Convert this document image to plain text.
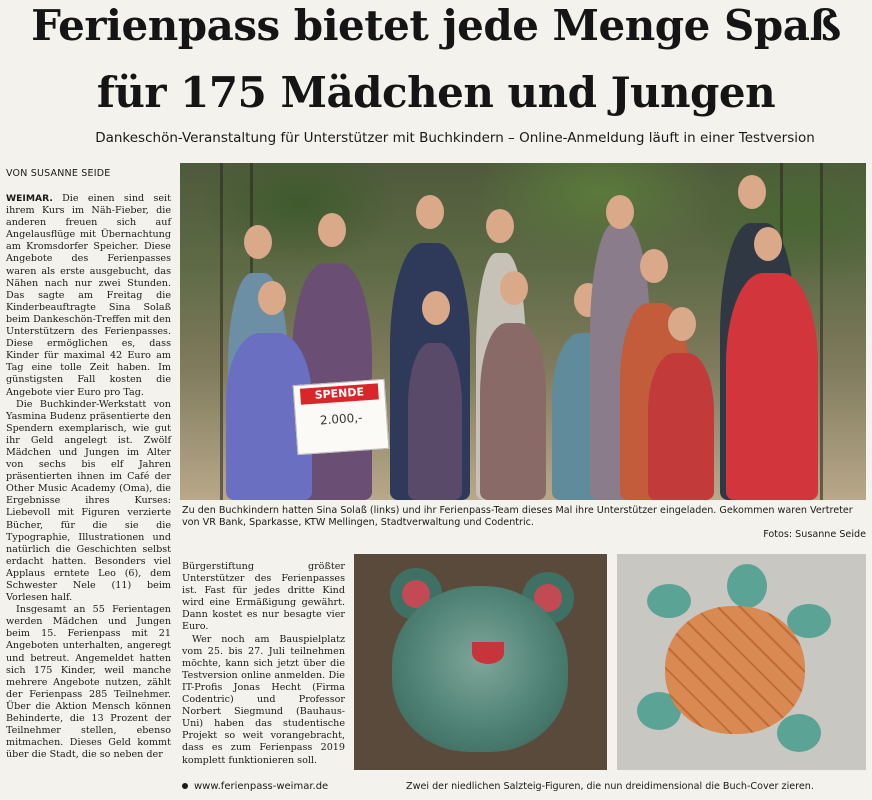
Ferienpass bietet jede Menge Spaß
für 175 Mädchen und Jungen
Dankeschön-Veranstaltung für Unterstützer mit Buchkindern – Online-Anmeldung läuft in einer Testversion
VON SUSANNE SEIDE

WEIMAR. Die einen sind seit ihrem Kurs im Näh-Fieber, die anderen freuen sich auf Angelausflüge mit Übernachtung am Kromsdorfer Speicher. Diese Angebote des Ferienpasses waren als erste ausgebucht, das Nähen nach nur zwei Stunden. Das sagte am Freitag die Kinderbeauftragte Sina Solaß beim Dankeschön-Treffen mit den Unterstützern des Ferienpasses. Diese ermöglichen es, dass Kinder für maximal 42 Euro am Tag eine tolle Zeit haben. Im günstigsten Fall kosten die Angebote vier Euro pro Tag.

Die Buchkinder-Werkstatt von Yasmina Budenz präsentierte den Spendern exemplarisch, wie gut ihr Geld angelegt ist. Zwölf Mädchen und Jungen im Alter von sechs bis elf Jahren präsentierten ihnen im Café der Other Music Academy (Oma), die Ergebnisse ihres Kurses: Liebevoll mit Figuren verzierte Bücher, für die sie die Typographie, Illustrationen und natürlich die Geschichten selbst erdacht hatten. Besonders viel Applaus erntete Leo (6), dem Schwester Nele (11) beim Vorlesen half.

Insgesamt an 55 Ferientagen werden Mädchen und Jungen beim 15. Ferienpass mit 21 Angeboten unterhalten, angeregt und betreut. Angemeldet hatten sich 175 Kinder, weil manche mehrere Angebote nutzen, zählt der Ferienpass 285 Teilnehmer. Über die Aktion Mensch können Behinderte, die 13 Prozent der Teilnehmer stellen, ebenso mitmachen. Dieses Geld kommt über die Stadt, die so neben der

SPENDE
2.000,-
Zu den Buchkindern hatten Sina Solaß (links) und ihr Ferienpass-Team dieses Mal ihre Unterstützer eingeladen. Gekommen waren Vertreter von VR Bank, Sparkasse, KTW Mellingen, Stadtverwaltung und Codentric.
Fotos: Susanne Seide

Bürgerstiftung größter Unterstützer des Ferienpasses ist. Fast für jedes dritte Kind wird eine Ermäßigung gewährt. Dann kostet es nur besagte vier Euro.

Wer noch am Bauspielplatz vom 25. bis 27. Juli teilnehmen möchte, kann sich jetzt über die Testversion online anmelden. Die IT-Profis Jonas Hecht (Firma Codentric) und Professor Norbert Siegmund (Bauhaus-Uni) haben das studentische Projekt so weit vorangebracht, dass es zum Ferienpass 2019 komplett funktionieren soll.

www.ferienpass-weimar.de	Zwei der niedlichen Salzteig-Figuren, die nun dreidimensional die Buch-Cover zieren.
